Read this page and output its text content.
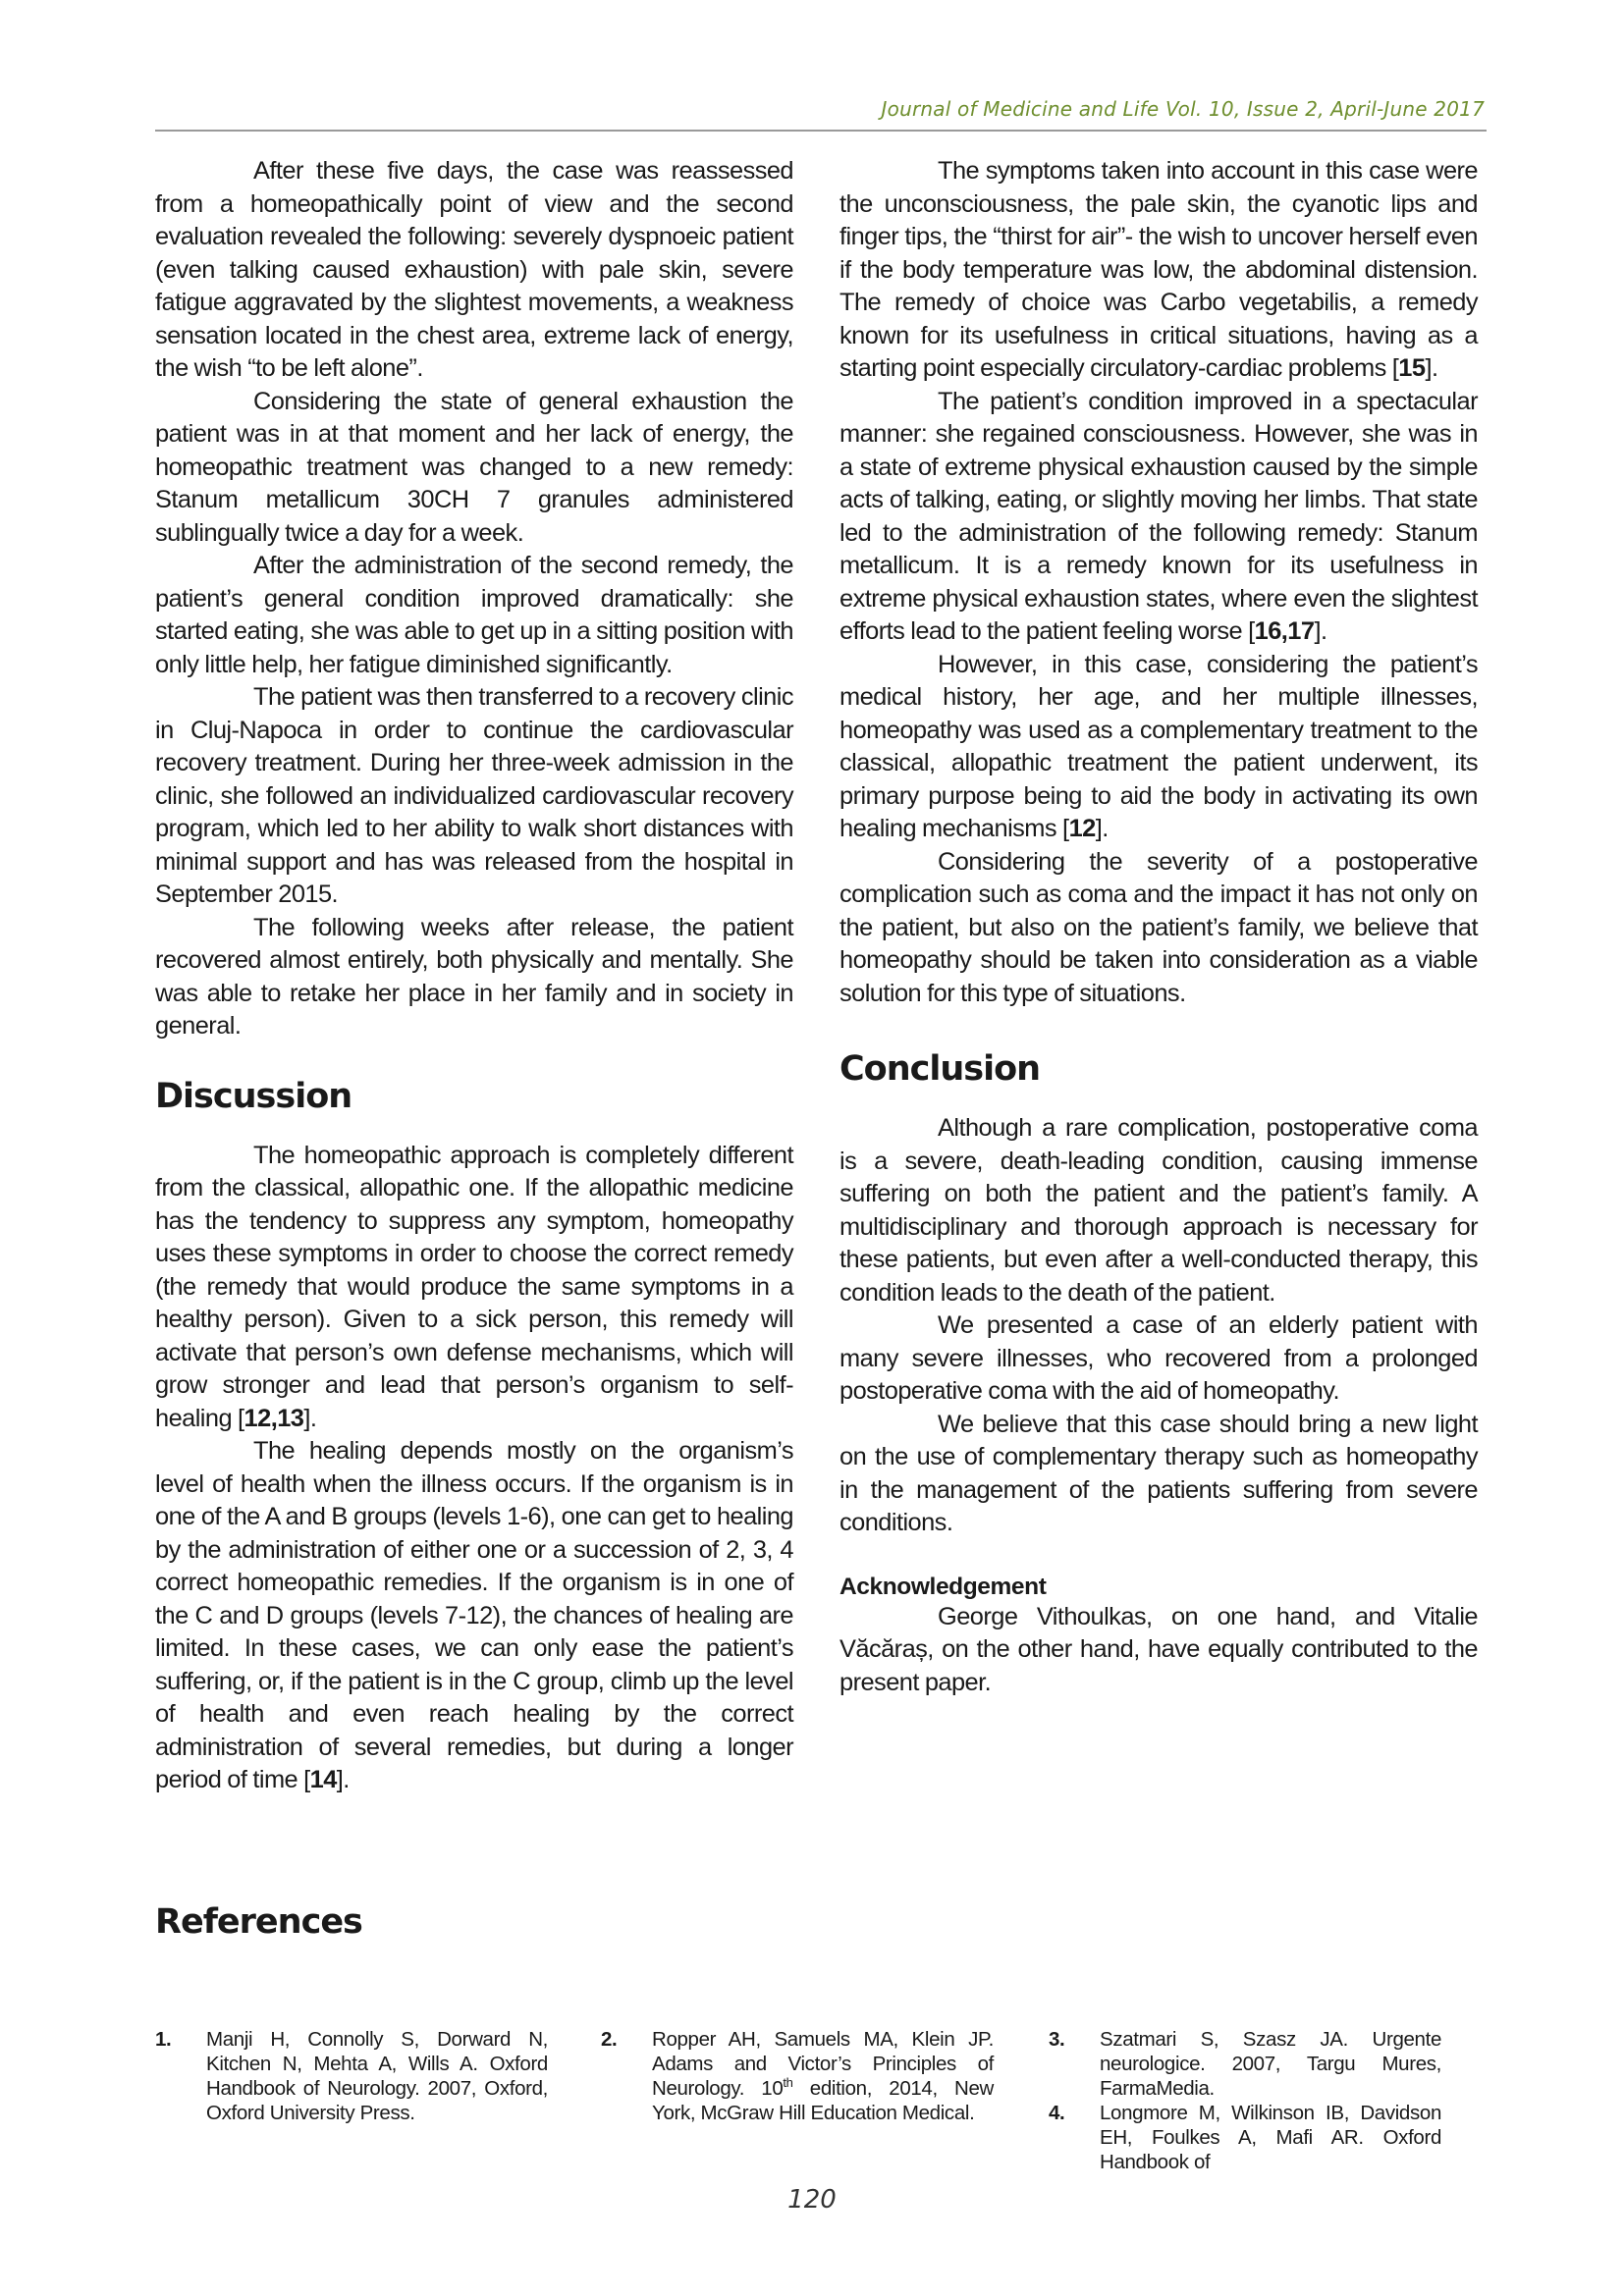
Journal of Medicine and Life Vol. 10, Issue 2, April-June 2017

After these five days, the case was reassessed from a homeopathically point of view and the second evaluation revealed the following: severely dyspnoeic patient (even talking caused exhaustion) with pale skin, severe fatigue aggravated by the slightest movements, a weakness sensation located in the chest area, extreme lack of energy, the wish “to be left alone”.

Considering the state of general exhaustion the patient was in at that moment and her lack of energy, the homeopathic treatment was changed to a new remedy: Stanum metallicum 30CH 7 granules administered sublingually twice a day for a week.

After the administration of the second remedy, the patient’s general condition improved dramatically: she started eating, she was able to get up in a sitting position with only little help, her fatigue diminished significantly.

The patient was then transferred to a recovery clinic in Cluj-Napoca in order to continue the cardiovascular recovery treatment. During her three-week admission in the clinic, she followed an individualized cardiovascular recovery program, which led to her ability to walk short distances with minimal support and has was released from the hospital in September 2015.

The following weeks after release, the patient recovered almost entirely, both physically and mentally. She was able to retake her place in her family and in society in general.

Discussion

The homeopathic approach is completely different from the classical, allopathic one. If the allopathic medicine has the tendency to suppress any symptom, homeopathy uses these symptoms in order to choose the correct remedy (the remedy that would produce the same symptoms in a healthy person). Given to a sick person, this remedy will activate that person’s own defense mechanisms, which will grow stronger and lead that person’s organism to self-healing [12,13].

The healing depends mostly on the organism’s level of health when the illness occurs. If the organism is in one of the A and B groups (levels 1-6), one can get to healing by the administration of either one or a succession of 2, 3, 4 correct homeopathic remedies. If the organism is in one of the C and D groups (levels 7-12), the chances of healing are limited. In these cases, we can only ease the patient’s suffering, or, if the patient is in the C group, climb up the level of health and even reach healing by the correct administration of several remedies, but during a longer period of time [14].

The symptoms taken into account in this case were the unconsciousness, the pale skin, the cyanotic lips and finger tips, the “thirst for air”- the wish to uncover herself even if the body temperature was low, the abdominal distension. The remedy of choice was Carbo vegetabilis, a remedy known for its usefulness in critical situations, having as a starting point especially circulatory-cardiac problems [15].

The patient’s condition improved in a spectacular manner: she regained consciousness. However, she was in a state of extreme physical exhaustion caused by the simple acts of talking, eating, or slightly moving her limbs. That state led to the administration of the following remedy: Stanum metallicum. It is a remedy known for its usefulness in extreme physical exhaustion states, where even the slightest efforts lead to the patient feeling worse [16,17].

However, in this case, considering the patient’s medical history, her age, and her multiple illnesses, homeopathy was used as a complementary treatment to the classical, allopathic treatment the patient underwent, its primary purpose being to aid the body in activating its own healing mechanisms [12].

Considering the severity of a postoperative complication such as coma and the impact it has not only on the patient, but also on the patient’s family, we believe that homeopathy should be taken into consideration as a viable solution for this type of situations.

Conclusion

Although a rare complication, postoperative coma is a severe, death-leading condition, causing immense suffering on both the patient and the patient’s family. A multidisciplinary and thorough approach is necessary for these patients, but even after a well-conducted therapy, this condition leads to the death of the patient.

We presented a case of an elderly patient with many severe illnesses, who recovered from a prolonged postoperative coma with the aid of homeopathy.

We believe that this case should bring a new light on the use of complementary therapy such as homeopathy in the management of the patients suffering from severe conditions.

Acknowledgement

George Vithoulkas, on one hand, and Vitalie Văcăraș, on the other hand, have equally contributed to the present paper.

References
1. Manji H, Connolly S, Dorward N, Kitchen N, Mehta A, Wills A. Oxford Handbook of Neurology. 2007, Oxford, Oxford University Press.
2. Ropper AH, Samuels MA, Klein JP. Adams and Victor’s Principles of Neurology. 10th edition, 2014, New York, McGraw Hill Education Medical.
3. Szatmari S, Szasz JA. Urgente neurologice. 2007, Targu Mures, FarmaMedia.
4. Longmore M, Wilkinson IB, Davidson EH, Foulkes A, Mafi AR. Oxford Handbook of
120
